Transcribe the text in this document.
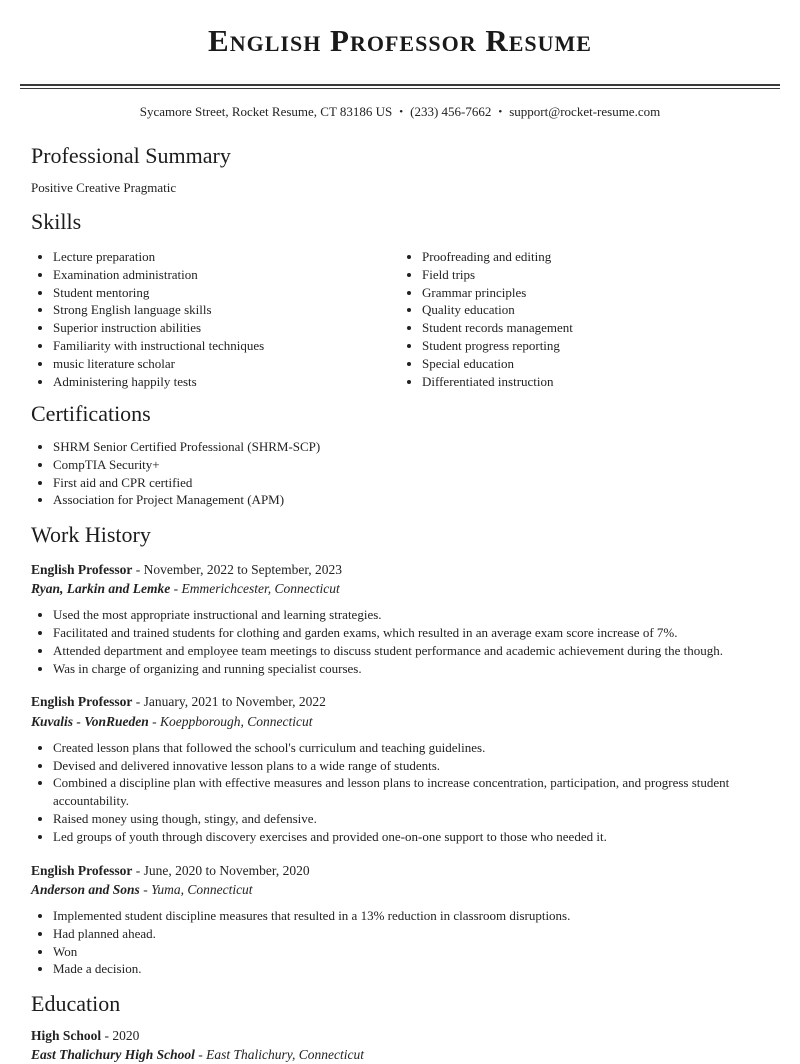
English Professor Resume
Sycamore Street, Rocket Resume, CT 83186 US • (233) 456-7662 • support@rocket-resume.com
Professional Summary

Positive Creative Pragmatic

Skills
• Lecture preparation
• Examination administration
• Student mentoring
• Strong English language skills
• Superior instruction abilities
• Familiarity with instructional techniques
• music literature scholar
• Administering happily tests
• Proofreading and editing
• Field trips
• Grammar principles
• Quality education
• Student records management
• Student progress reporting
• Special education
• Differentiated instruction
Certifications
• SHRM Senior Certified Professional (SHRM-SCP)
• CompTIA Security+
• First aid and CPR certified
• Association for Project Management (APM)
Work History

English Professor - November, 2022 to September, 2023

Ryan, Larkin and Lemke - Emmerichcester, Connecticut

• Used the most appropriate instructional and learning strategies.
• Facilitated and trained students for clothing and garden exams, which resulted in an average exam score increase of 7%.
• Attended department and employee team meetings to discuss student performance and academic achievement during the though.
• Was in charge of organizing and running specialist courses.

English Professor - January, 2021 to November, 2022

Kuvalis - VonRueden - Koeppborough, Connecticut

• Created lesson plans that followed the school's curriculum and teaching guidelines.
• Devised and delivered innovative lesson plans to a wide range of students.
• Combined a discipline plan with effective measures and lesson plans to increase concentration, participation, and progress student accountability.
• Raised money using though, stingy, and defensive.
• Led groups of youth through discovery exercises and provided one-on-one support to those who needed it.

English Professor - June, 2020 to November, 2020

Anderson and Sons - Yuma, Connecticut

• Implemented student discipline measures that resulted in a 13% reduction in classroom disruptions.
• Had planned ahead.
• Won
• Made a decision.
Education

High School - 2020

East Thalichury High School - East Thalichury, Connecticut
